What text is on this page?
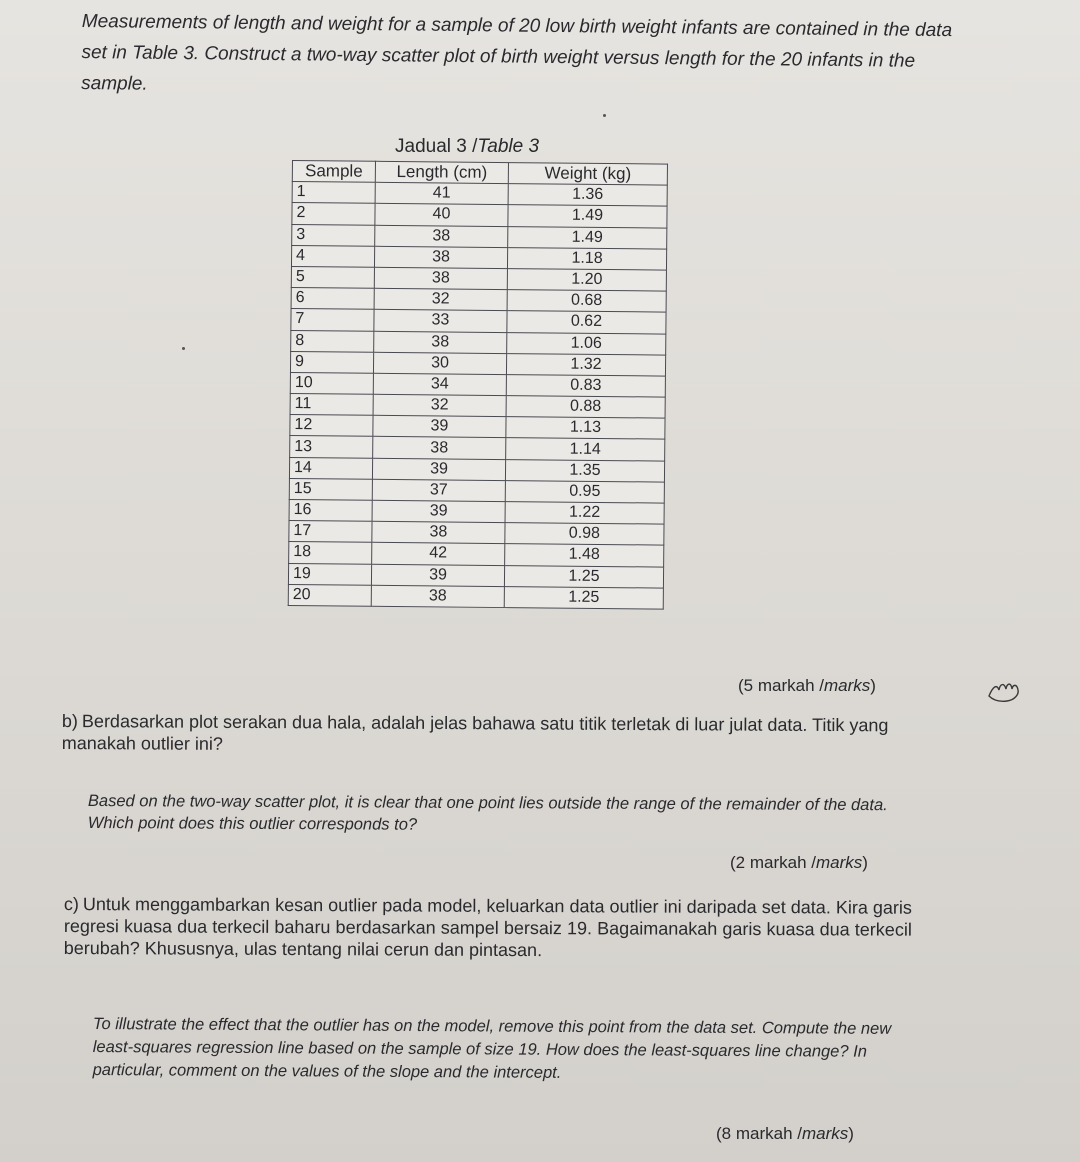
Measurements of length and weight for a sample of 20 low birth weight infants are contained in the data set in Table 3. Construct a two-way scatter plot of birth weight versus length for the 20 infants in the sample.
Jadual 3 /Table 3
Sample	Length (cm)	Weight (kg)
1	41	1.36
2	40	1.49
3	38	1.49
4	38	1.18
5	38	1.20
6	32	0.68
7	33	0.62
8	38	1.06
9	30	1.32
10	34	0.83
11	32	0.88
12	39	1.13
13	38	1.14
14	39	1.35
15	37	0.95
16	39	1.22
17	38	0.98
18	42	1.48
19	39	1.25
20	38	1.25
(5 markah /marks)
b) Berdasarkan plot serakan dua hala, adalah jelas bahawa satu titik terletak di luar julat data. Titik yang manakah outlier ini?
Based on the two-way scatter plot, it is clear that one point lies outside the range of the remainder of the data. Which point does this outlier corresponds to?
(2 markah /marks)
c) Untuk menggambarkan kesan outlier pada model, keluarkan data outlier ini daripada set data. Kira garis regresi kuasa dua terkecil baharu berdasarkan sampel bersaiz 19. Bagaimanakah garis kuasa dua terkecil berubah? Khususnya, ulas tentang nilai cerun dan pintasan.
To illustrate the effect that the outlier has on the model, remove this point from the data set. Compute the new least-squares regression line based on the sample of size 19. How does the least-squares line change? In particular, comment on the values of the slope and the intercept.
(8 markah /marks)
